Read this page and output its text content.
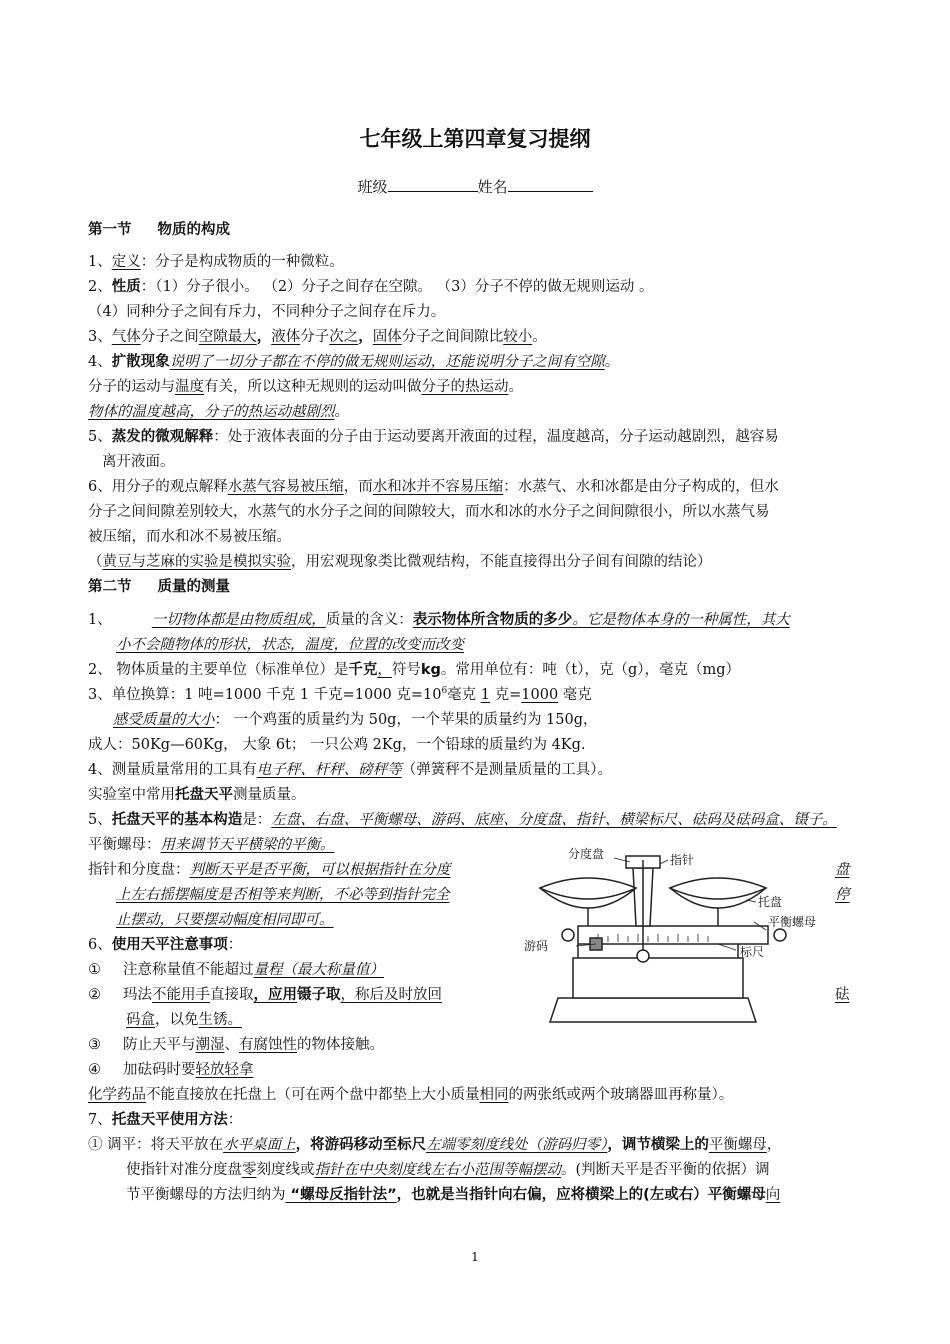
七年级上第四章复习提纲
班级	姓名
第一节 物质的构成
1、定义：分子是构成物质的一种微粒。
2、性质：（1）分子很小。 （2）分子之间存在空隙。 （3）分子不停的做无规则运动 。
（4）同种分子之间有斥力，不同种分子之间存在斥力。
3、气体分子之间空隙最大，液体分子次之，固体分子之间间隙比较小。
4、扩散现象说明了一切分子都在不停的做无规则运动，还能说明分子之间有空隙。
分子的运动与温度有关，所以这种无规则的运动叫做分子的热运动。
物体的温度越高，分子的热运动越剧烈。
5、蒸发的微观解释：处于液体表面的分子由于运动要离开液面的过程，温度越高，分子运动越剧烈，越容易
离开液面。
6、用分子的观点解释水蒸气容易被压缩，而水和冰并不容易压缩：水蒸气、水和冰都是由分子构成的，但水
分子之间间隙差别较大，水蒸气的水分子之间的间隙较大，而水和冰的水分子之间间隙很小，所以水蒸气易
被压缩，而水和冰不易被压缩。
（黄豆与芝麻的实验是模拟实验，用宏观现象类比微观结构，不能直接得出分子间有间隙的结论）
第二节 质量的测量
1、	一切物体都是由物质组成，质量的含义：表示物体所含物质的多少。它是物体本身的一种属性，其大
小不会随物体的形状，状态，温度，位置的改变而改变
2、 物体质量的主要单位（标准单位）是千克，符号kg。常用单位有：吨（t），克（g），毫克（mg）
3、单位换算：1 吨=1000 千克 1 千克=1000 克$=10^6$毫克 1 克=1000 毫克
感受质量的大小： 一个鸡蛋的质量约为 50g，一个苹果的质量约为 150g，
成人：50Kg—60Kg， 大象 6t； 一只公鸡 2Kg，一个铅球的质量约为 4Kg.
4、测量质量常用的工具有电子秤、杆秤、磅秤等（弹簧秤不是测量质量的工具）。
实验室中常用托盘天平测量质量。
5、托盘天平的基本构造是：左盘、右盘、平衡螺母、游码、底座、分度盘、指针、横梁标尺、砝码及砝码盒、镊子。
平衡螺母：用来调节天平横梁的平衡。
指针和分度盘：判断天平是否平衡，可以根据指针在分度	盘
上左右摇摆幅度是否相等来判断，不必等到指针完全	停
止摆动，只要摆动幅度相同即可。
6、使用天平注意事项：
① 注意称量值不能超过量程（最大称量值）
② 玛法不能用手直接取，应用镊子取，称后及时放回	砝
码盒，以免生锈。
③ 防止天平与潮湿、有腐蚀性的物体接触。
④ 加砝码时要轻放轻拿
化学药品不能直接放在托盘上（可在两个盘中都垫上大小质量相同的两张纸或两个玻璃器皿再称量）。
7、托盘天平使用方法：
① 调平：将天平放在水平桌面上，将游码移动至标尺左端零刻度线处（游码归零），调节横梁上的平衡螺母，
使指针对准分度盘零刻度线或指针在中央刻度线左右小范围等幅摆动。(判断天平是否平衡的依据）调
节平衡螺母的方法归纳为 “螺母反指针法”，也就是当指针向右偏，应将横梁上的(左或右）平衡螺母向
分度盘	指针
托盘
平衡螺母
游码	标尺
1
